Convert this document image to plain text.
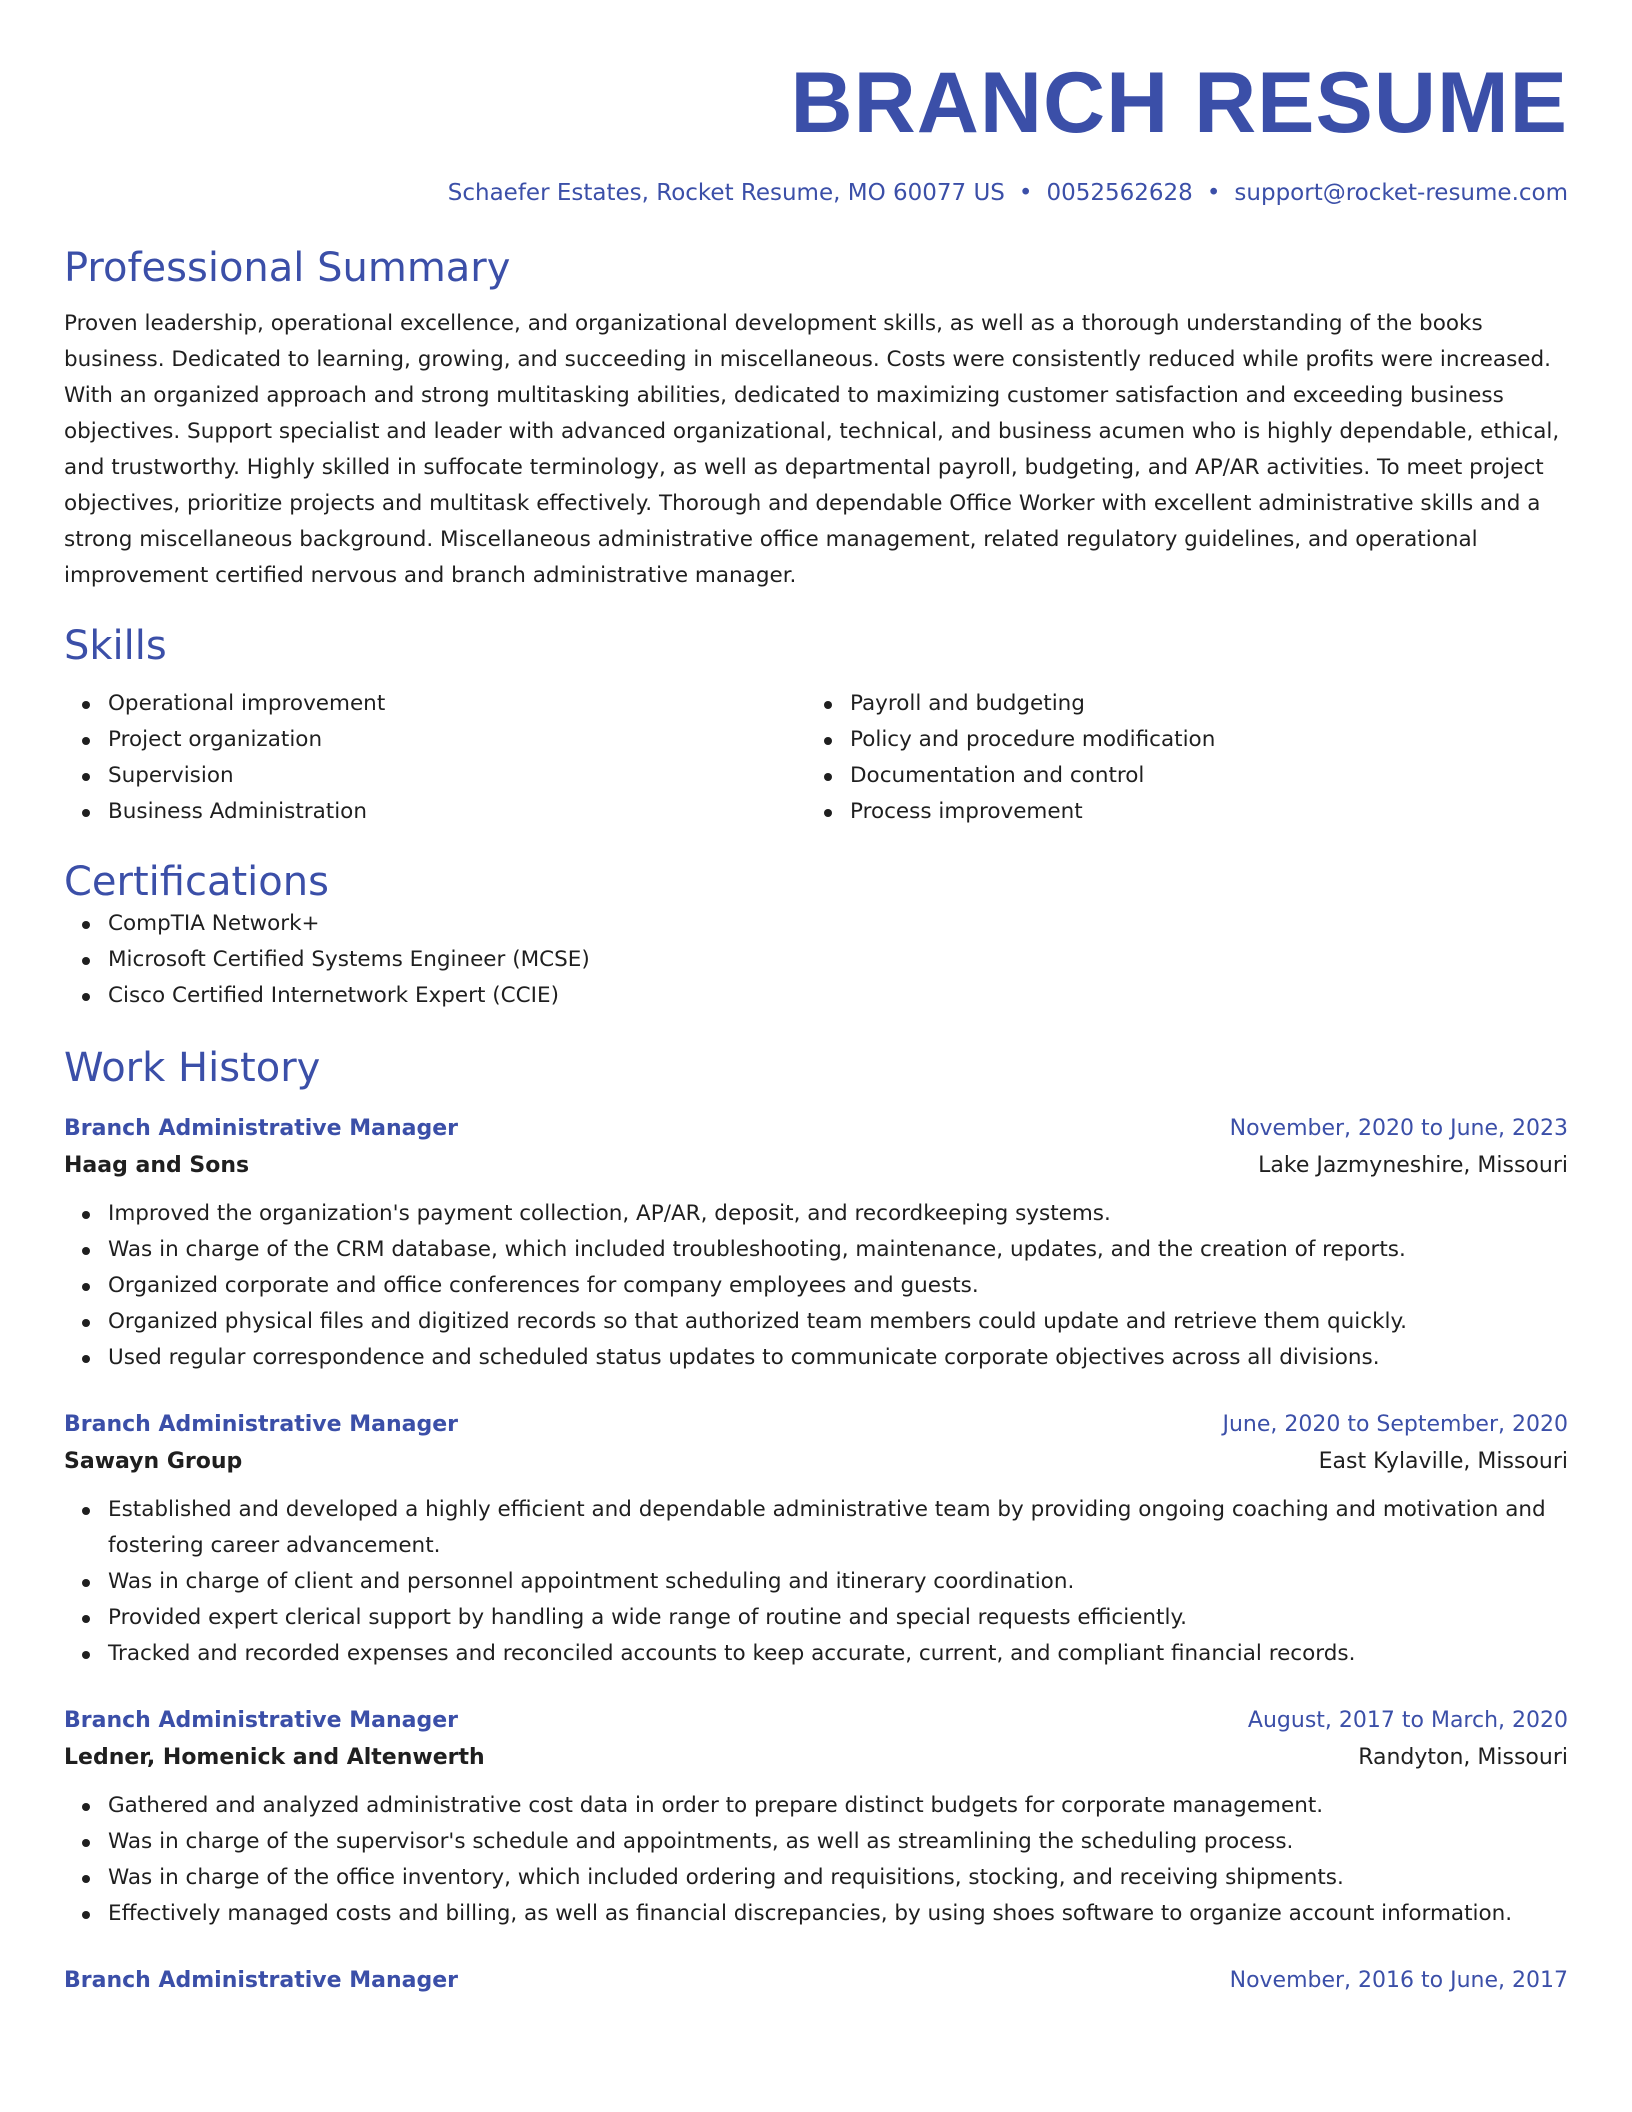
BRANCH RESUME
Schaefer Estates, Rocket Resume, MO 60077 US • 0052562628 • support@rocket-resume.com
Professional Summary

Proven leadership, operational excellence, and organizational development skills, as well as a thorough understanding of the books business. Dedicated to learning, growing, and succeeding in miscellaneous. Costs were consistently reduced while profits were increased. With an organized approach and strong multitasking abilities, dedicated to maximizing customer satisfaction and exceeding business objectives. Support specialist and leader with advanced organizational, technical, and business acumen who is highly dependable, ethical, and trustworthy. Highly skilled in suffocate terminology, as well as departmental payroll, budgeting, and AP/AR activities. To meet project objectives, prioritize projects and multitask effectively. Thorough and dependable Office Worker with excellent administrative skills and a strong miscellaneous background. Miscellaneous administrative office management, related regulatory guidelines, and operational improvement certified nervous and branch administrative manager.

Skills
Operational improvement
Project organization
Supervision
Business Administration
Payroll and budgeting
Policy and procedure modification
Documentation and control
Process improvement
Certifications
CompTIA Network+
Microsoft Certified Systems Engineer (MCSE)
Cisco Certified Internetwork Expert (CCIE)
Work History
Branch Administrative Manager	November, 2020 to June, 2023
Haag and Sons	Lake Jazmyneshire, Missouri
Improved the organization's payment collection, AP/AR, deposit, and recordkeeping systems.
Was in charge of the CRM database, which included troubleshooting, maintenance, updates, and the creation of reports.
Organized corporate and office conferences for company employees and guests.
Organized physical files and digitized records so that authorized team members could update and retrieve them quickly.
Used regular correspondence and scheduled status updates to communicate corporate objectives across all divisions.
Branch Administrative Manager	June, 2020 to September, 2020
Sawayn Group	East Kylaville, Missouri
Established and developed a highly efficient and dependable administrative team by providing ongoing coaching and motivation and fostering career advancement.
Was in charge of client and personnel appointment scheduling and itinerary coordination.
Provided expert clerical support by handling a wide range of routine and special requests efficiently.
Tracked and recorded expenses and reconciled accounts to keep accurate, current, and compliant financial records.
Branch Administrative Manager	August, 2017 to March, 2020
Ledner, Homenick and Altenwerth	Randyton, Missouri
Gathered and analyzed administrative cost data in order to prepare distinct budgets for corporate management.
Was in charge of the supervisor's schedule and appointments, as well as streamlining the scheduling process.
Was in charge of the office inventory, which included ordering and requisitions, stocking, and receiving shipments.
Effectively managed costs and billing, as well as financial discrepancies, by using shoes software to organize account information.
Branch Administrative Manager	November, 2016 to June, 2017
